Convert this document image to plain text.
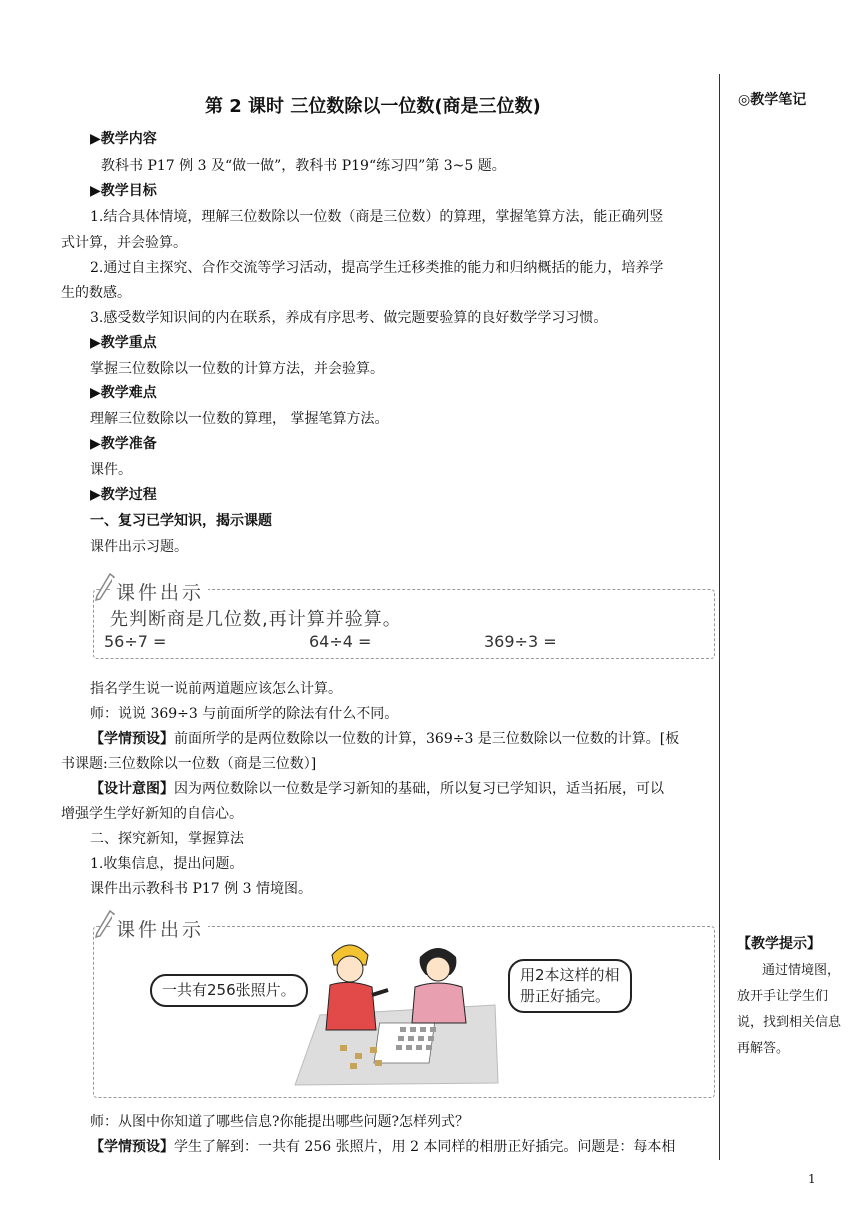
第 2 课时 三位数除以一位数(商是三位数)	◎教学笔记
▶教学内容
教科书 P17 例 3 及“做一做”，教科书 P19“练习四”第 3~5 题。
▶教学目标
1.结合具体情境，理解三位数除以一位数（商是三位数）的算理，掌握笔算方法，能正确列竖
式计算，并会验算。
2.通过自主探究、合作交流等学习活动，提高学生迁移类推的能力和归纳概括的能力，培养学
生的数感。
3.感受数学知识间的内在联系，养成有序思考、做完题要验算的良好数学学习习惯。
▶教学重点
掌握三位数除以一位数的计算方法，并会验算。
▶教学难点
理解三位数除以一位数的算理， 掌握笔算方法。
▶教学准备
课件。
▶教学过程
一、复习已学知识，揭示课题
课件出示习题。
课件出示
先判断商是几位数,再计算并验算。
56÷7 =	64÷4 =	369÷3 =
指名学生说一说前两道题应该怎么计算。
师：说说 369÷3 与前面所学的除法有什么不同。
【学情预设】前面所学的是两位数除以一位数的计算，369÷3 是三位数除以一位数的计算。[板
书课题:三位数除以一位数（商是三位数）]
【设计意图】因为两位数除以一位数是学习新知的基础，所以复习已学知识，适当拓展，可以
增强学生学好新知的自信心。
二、探究新知，掌握算法
1.收集信息，提出问题。
课件出示教科书 P17 例 3 情境图。
课件出示
一共有256张照片。
用2本这样的相
册正好插完。
师：从图中你知道了哪些信息?你能提出哪些问题?怎样列式？
【学情预设】学生了解到：一共有 256 张照片，用 2 本同样的相册正好插完。问题是：每本相
【教学提示】
通过情境图，
放开手让学生们
说，找到相关信息
再解答。
1
